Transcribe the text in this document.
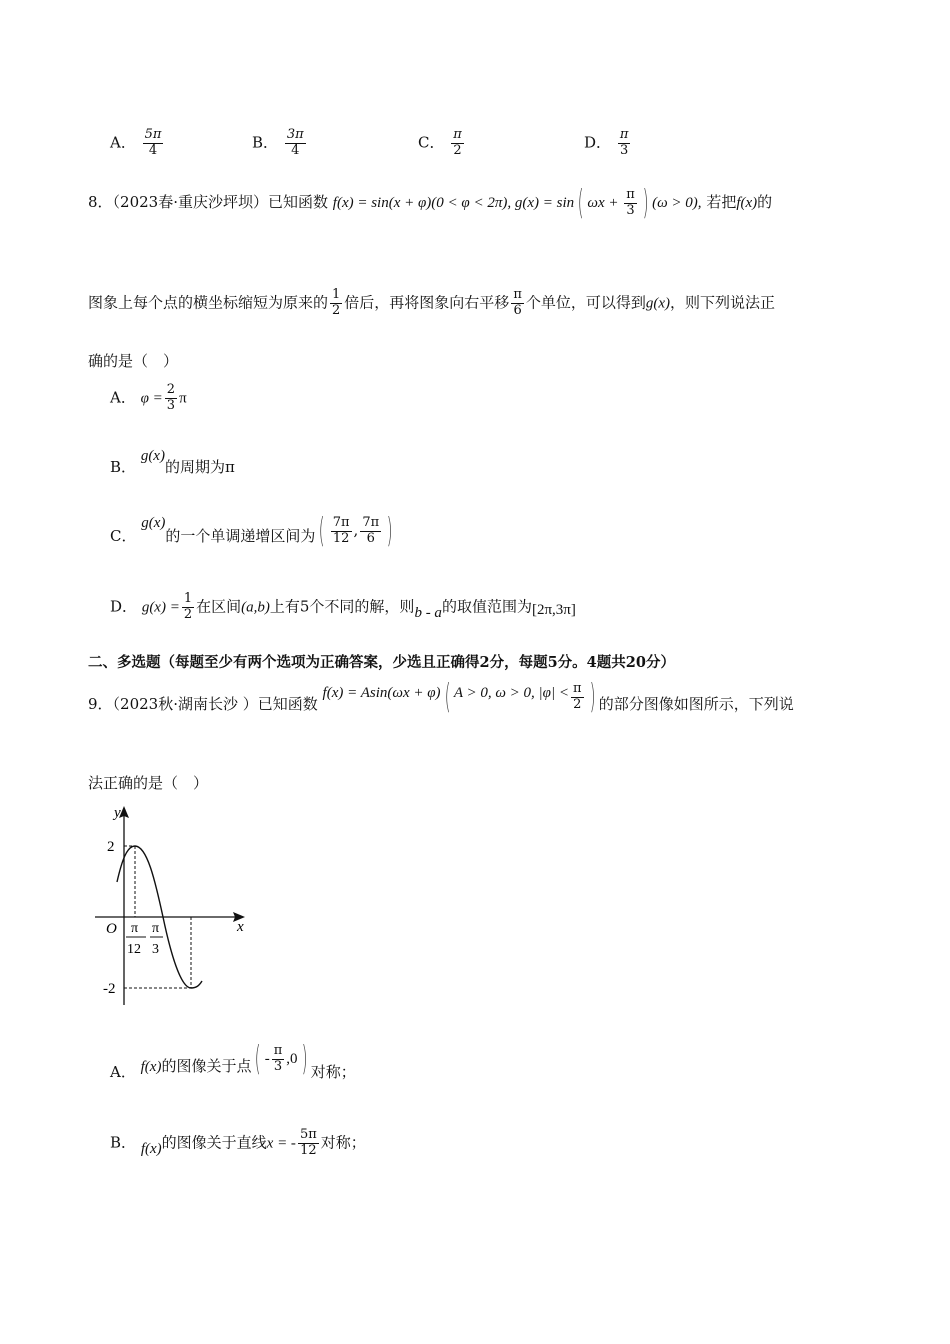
A． $\frac{5\pi}{4}$	B． $\frac{3\pi}{4}$	C． $\frac{\pi}{2}$	D． $\frac{\pi}{3}$
8．（2023春·重庆沙坪坝）已知函数 f(x) = sin(x + φ)(0 < φ < 2π), g(x) = sin ( $\omega x + \frac{\pi}{3}$ ) (ω > 0), 若把f(x)的
图象上每个点的横坐标缩短为原来的 $\frac{1}{2}$ 倍后，再将图象向右平移 $\frac{\pi}{6}$ 个单位，可以得到g(x)，则下列说法正
确的是（　）
A． $\varphi = \frac{2}{3}$ π
B． g(x)的周期为π
C． g(x)的一个单调递增区间为 ( $\frac{7\pi}{12}$ , $\frac{7\pi}{6}$ )
D． $g(x) = \frac{1}{2}$ 在区间(a,b)上有5个不同的解，则b - a的取值范围为[2π,3π]
二、多选题（每题至少有两个选项为正确答案，少选且正确得2分，每题5分。4题共20分）
9．（2023秋·湖南长沙 ）已知函数 f(x) = Asin(ωx + φ) ( A > 0, ω > 0, $|\varphi| < \frac{\pi}{2}$ ) 的部分图像如图所示，下列说
法正确的是（　）
y
x
O
2
-2
π
12
π
3
A． f(x)的图像关于点 ( - $\frac{\pi}{3} ,0$ ) 对称；
B． f(x)的图像关于直线x = - $\frac{5\pi}{12}$ 对称；
